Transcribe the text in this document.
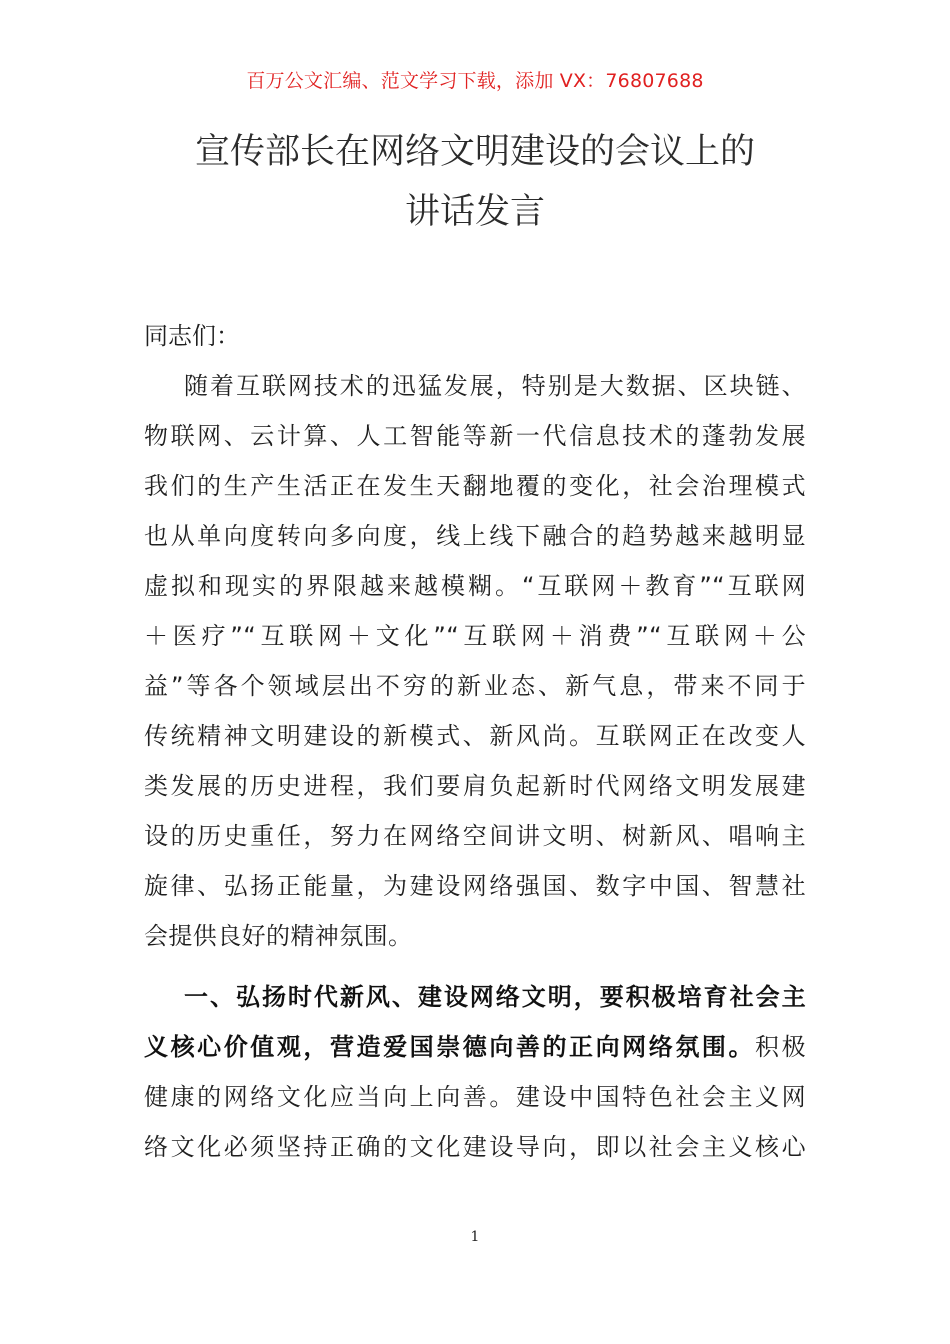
百万公文汇编、范文学习下载，添加 VX：76807688
宣传部长在网络文明建设的会议上的
讲话发言

同志们：

随着互联网技术的迅猛发展，特别是大数据、区块链、
物联网、云计算、人工智能等新一代信息技术的蓬勃发展
我们的生产生活正在发生天翻地覆的变化，社会治理模式
也从单向度转向多向度，线上线下融合的趋势越来越明显
虚拟和现实的界限越来越模糊。“互联网＋教育”“互联网
＋医疗”“互联网＋文化”“互联网＋消费”“互联网＋公
益”等各个领域层出不穷的新业态、新气息，带来不同于
传统精神文明建设的新模式、新风尚。互联网正在改变人
类发展的历史进程，我们要肩负起新时代网络文明发展建
设的历史重任，努力在网络空间讲文明、树新风、唱响主
旋律、弘扬正能量，为建设网络强国、数字中国、智慧社
会提供良好的精神氛围。
一、弘扬时代新风、建设网络文明，要积极培育社会主
义核心价值观，营造爱国崇德向善的正向网络氛围。积极
健康的网络文化应当向上向善。建设中国特色社会主义网
络文化必须坚持正确的文化建设导向，即以社会主义核心
1
